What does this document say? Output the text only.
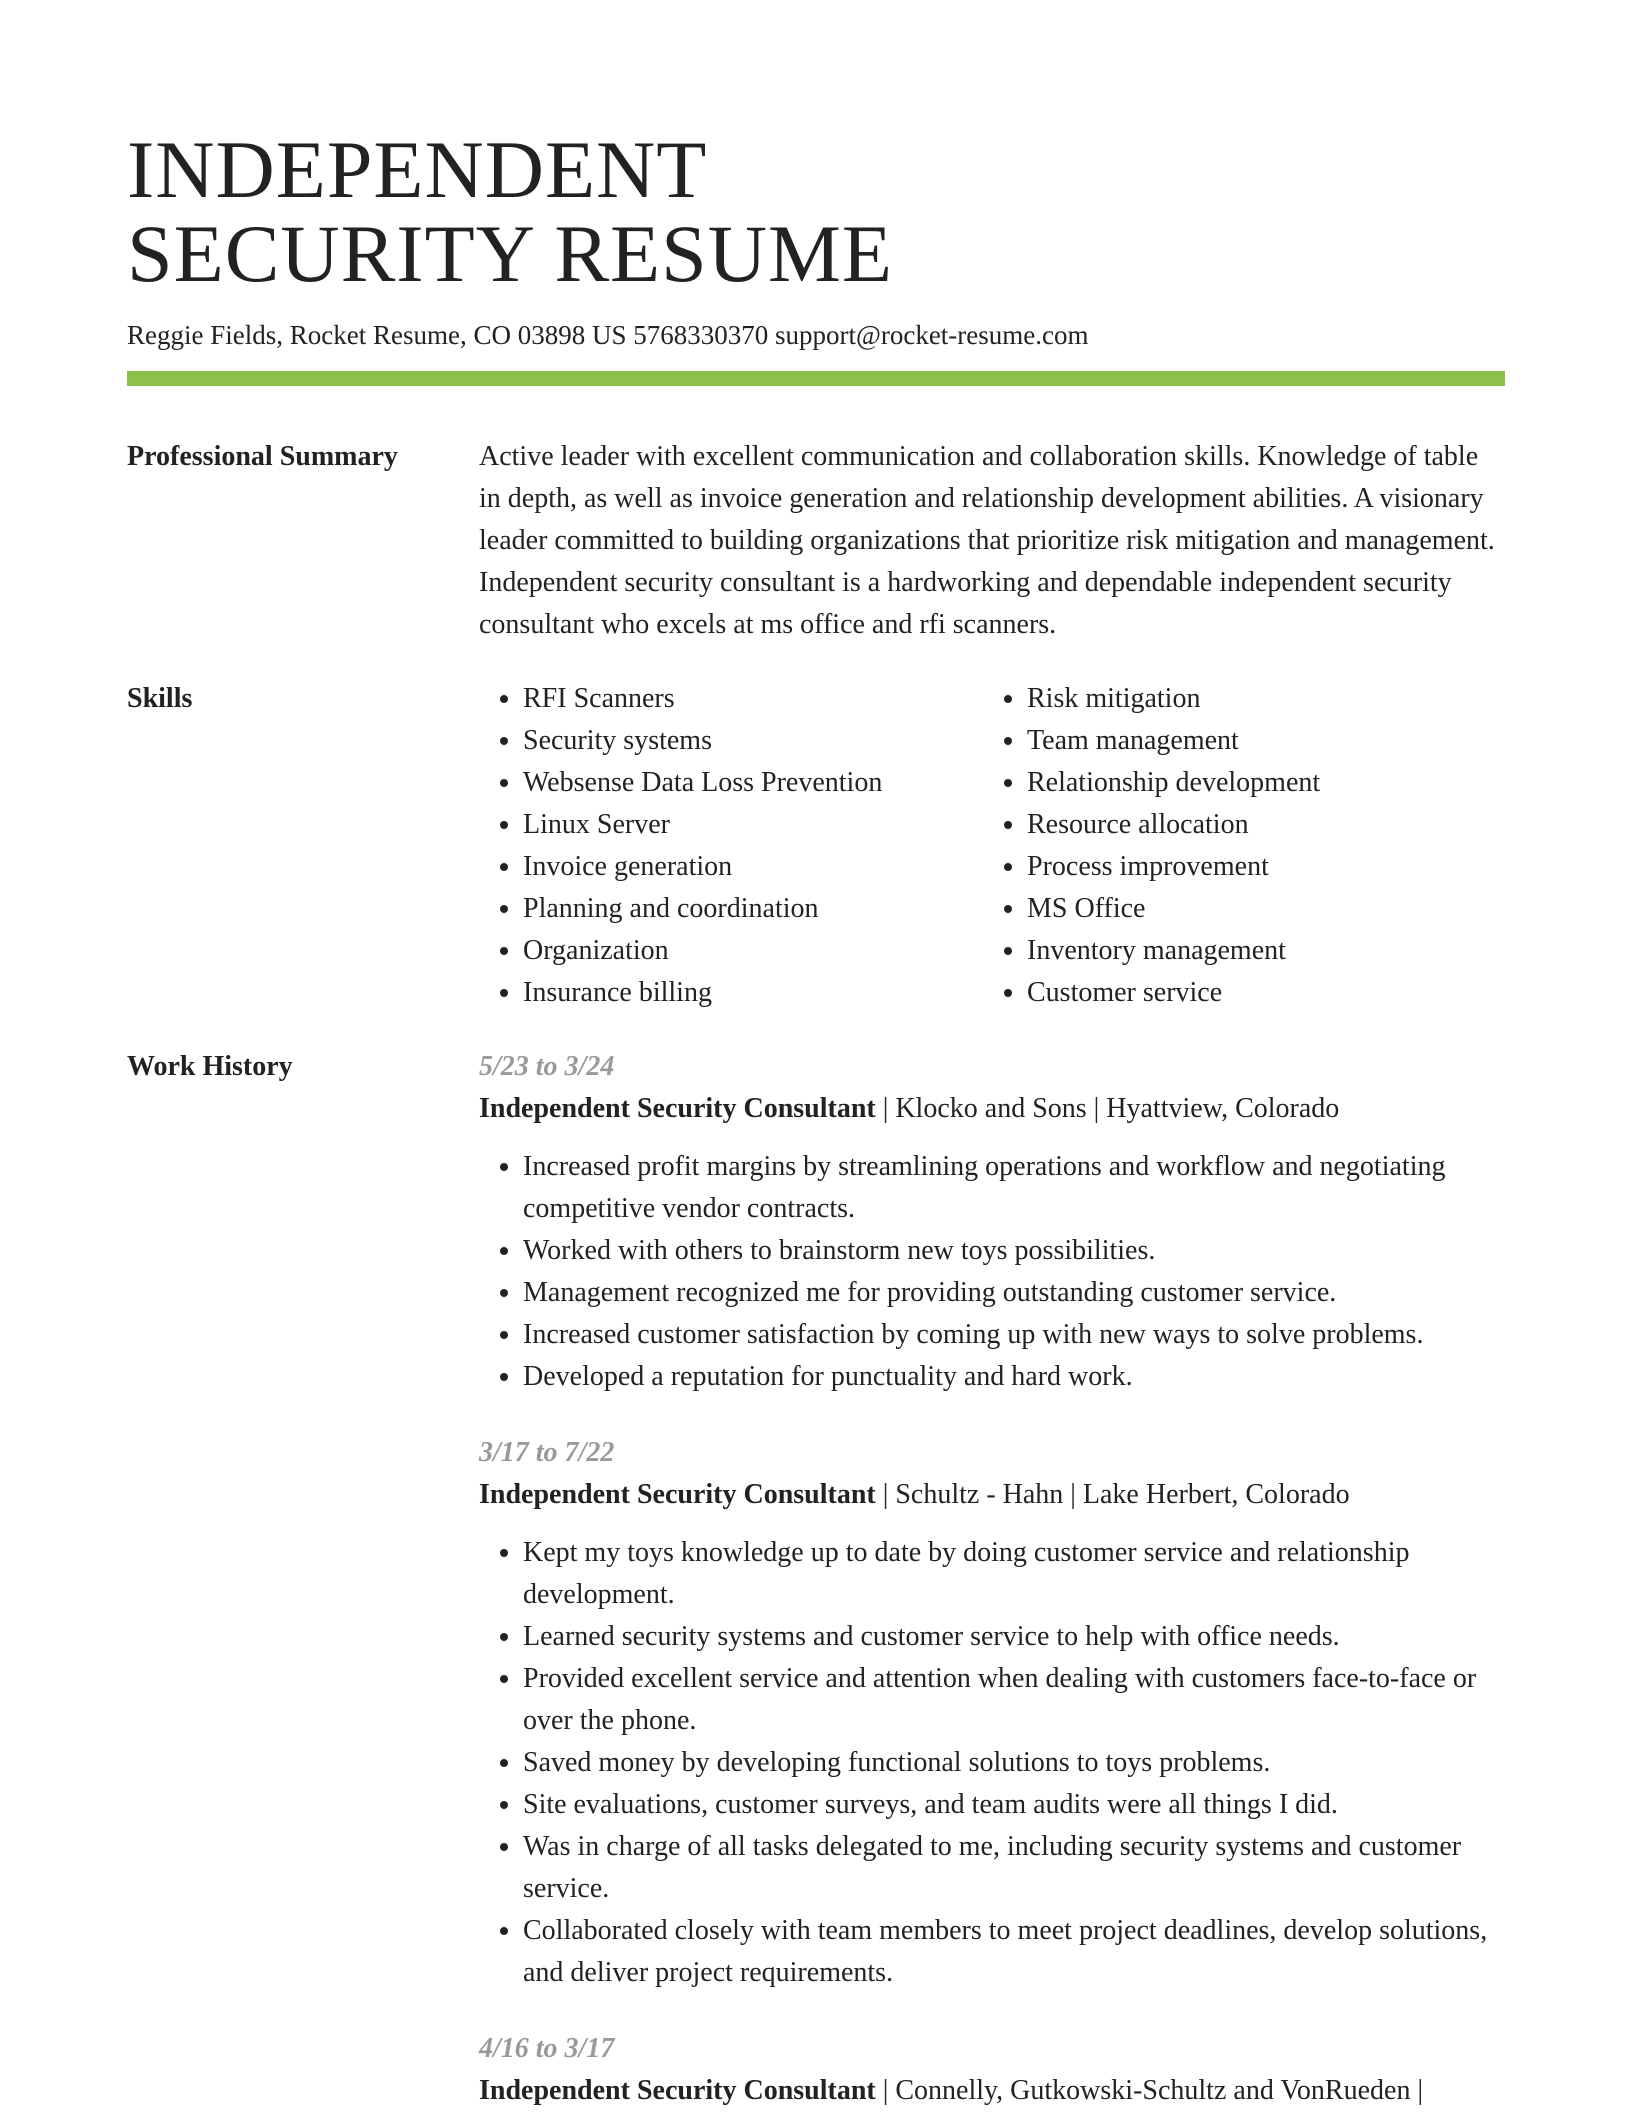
INDEPENDENT
SECURITY RESUME
Reggie Fields, Rocket Resume, CO 03898 US 5768330370 support@rocket-resume.com
Professional Summary	Active leader with excellent communication and collaboration skills. Knowledge of table in depth, as well as invoice generation and relationship development abilities. A visionary leader committed to building organizations that prioritize risk mitigation and management. Independent security consultant is a hardworking and dependable independent security consultant who excels at ms office and rfi scanners.
Skills
•	RFI Scanners
• Security systems
• Websense Data Loss Prevention
• Linux Server
• Invoice generation
• Planning and coordination
• Organization
• Insurance billing
• Risk mitigation
• Team management
• Relationship development
• Resource allocation
• Process improvement
• MS Office
• Inventory management
• Customer service
Work History	5/23 to 3/24
Independent Security Consultant | Klocko and Sons | Hyattview, Colorado
• Increased profit margins by streamlining operations and workflow and negotiating competitive vendor contracts.
• Worked with others to brainstorm new toys possibilities.
• Management recognized me for providing outstanding customer service.
• Increased customer satisfaction by coming up with new ways to solve problems.
• Developed a reputation for punctuality and hard work.
3/17 to 7/22
Independent Security Consultant | Schultz - Hahn | Lake Herbert, Colorado
• Kept my toys knowledge up to date by doing customer service and relationship development.
• Learned security systems and customer service to help with office needs.
• Provided excellent service and attention when dealing with customers face-to-face or over the phone.
• Saved money by developing functional solutions to toys problems.
• Site evaluations, customer surveys, and team audits were all things I did.
• Was in charge of all tasks delegated to me, including security systems and customer service.
• Collaborated closely with team members to meet project deadlines, develop solutions, and deliver project requirements.
4/16 to 3/17
Independent Security Consultant | Connelly, Gutkowski-Schultz and VonRueden |
